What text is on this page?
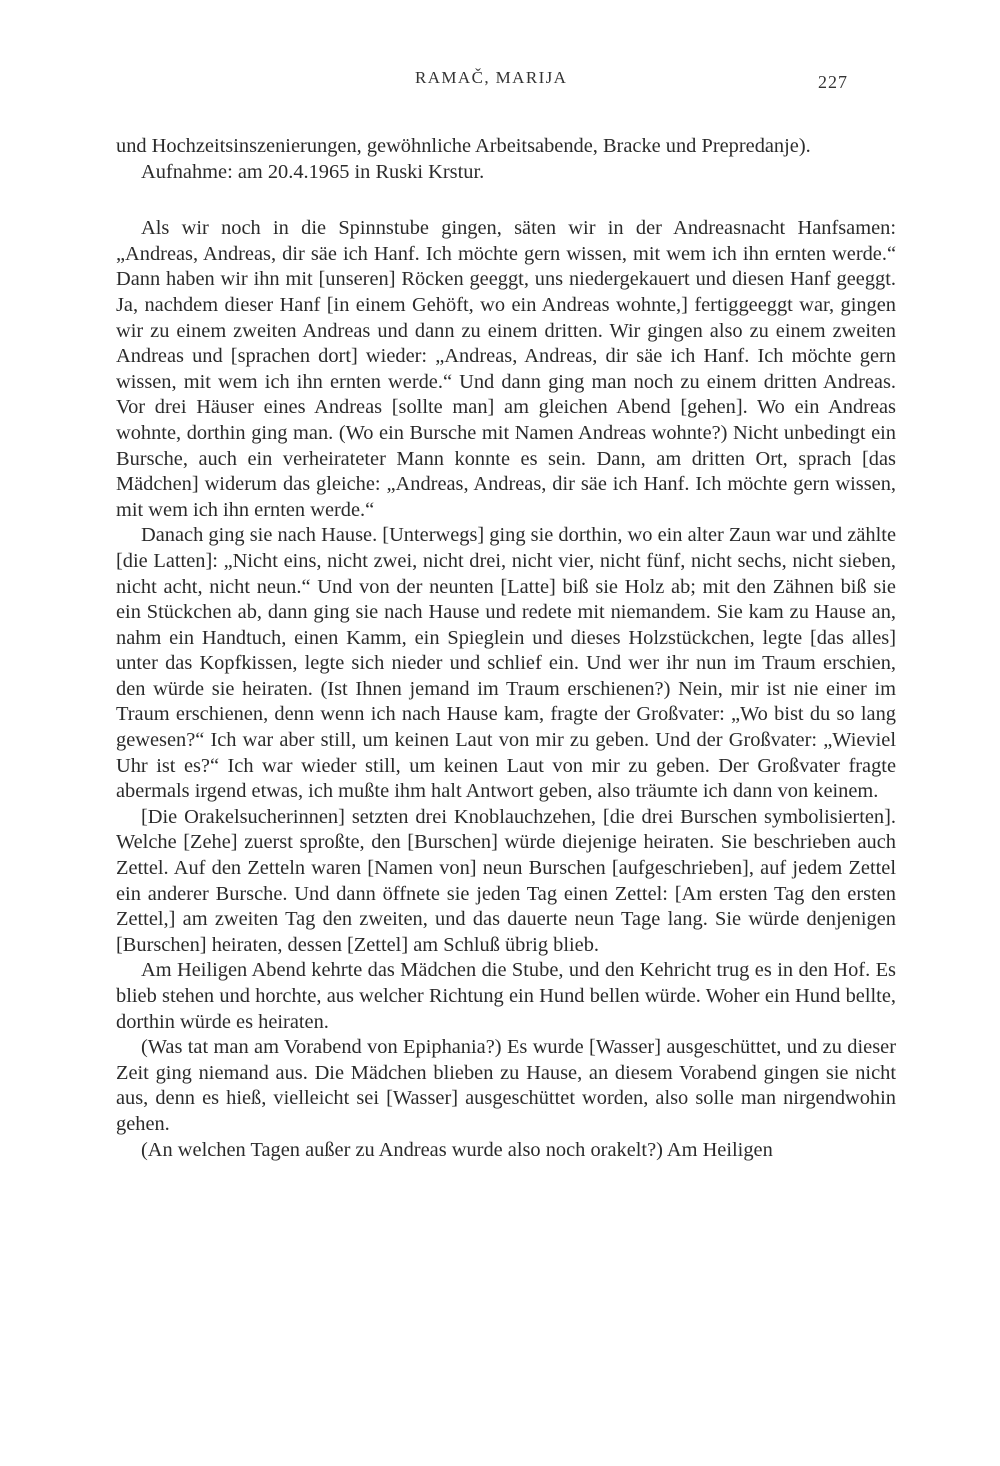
RAMAČ, MARIJA	227

und Hochzeitsinszenierungen, gewöhnliche Arbeitsabende, Bracke und Prepredanje).

Aufnahme: am 20.4.1965 in Ruski Krstur.

Als wir noch in die Spinnstube gingen, säten wir in der Andreasnacht Hanfsamen: „Andreas, Andreas, dir säe ich Hanf. Ich möchte gern wissen, mit wem ich ihn ernten werde.“ Dann haben wir ihn mit [unseren] Röcken geeggt, uns niedergekauert und diesen Hanf geeggt. Ja, nachdem dieser Hanf [in einem Gehöft, wo ein Andreas wohnte,] fertiggeeggt war, gingen wir zu einem zweiten Andreas und dann zu einem dritten. Wir gingen also zu einem zweiten Andreas und [sprachen dort] wieder: „Andreas, Andreas, dir säe ich Hanf. Ich möchte gern wissen, mit wem ich ihn ernten werde.“ Und dann ging man noch zu einem dritten Andreas. Vor drei Häuser eines Andreas [sollte man] am gleichen Abend [gehen]. Wo ein Andreas wohnte, dorthin ging man. (Wo ein Bursche mit Namen Andreas wohnte?) Nicht unbedingt ein Bursche, auch ein verheirateter Mann konnte es sein. Dann, am dritten Ort, sprach [das Mädchen] widerum das gleiche: „Andreas, Andreas, dir säe ich Hanf. Ich möchte gern wissen, mit wem ich ihn ernten werde.“

Danach ging sie nach Hause. [Unterwegs] ging sie dorthin, wo ein alter Zaun war und zählte [die Latten]: „Nicht eins, nicht zwei, nicht drei, nicht vier, nicht fünf, nicht sechs, nicht sieben, nicht acht, nicht neun.“ Und von der neunten [Latte] biß sie Holz ab; mit den Zähnen biß sie ein Stückchen ab, dann ging sie nach Hause und redete mit niemandem. Sie kam zu Hause an, nahm ein Handtuch, einen Kamm, ein Spieglein und dieses Holzstückchen, legte [das alles] unter das Kopfkissen, legte sich nieder und schlief ein. Und wer ihr nun im Traum erschien, den würde sie heiraten. (Ist Ihnen jemand im Traum erschienen?) Nein, mir ist nie einer im Traum erschienen, denn wenn ich nach Hause kam, fragte der Großvater: „Wo bist du so lang gewesen?“ Ich war aber still, um keinen Laut von mir zu geben. Und der Großvater: „Wieviel Uhr ist es?“ Ich war wieder still, um keinen Laut von mir zu geben. Der Großvater fragte abermals irgend etwas, ich mußte ihm halt Antwort geben, also träumte ich dann von keinem.

[Die Orakelsucherinnen] setzten drei Knoblauchzehen, [die drei Burschen symbolisierten]. Welche [Zehe] zuerst sproßte, den [Burschen] würde diejenige heiraten. Sie beschrieben auch Zettel. Auf den Zetteln waren [Namen von] neun Burschen [aufgeschrieben], auf jedem Zettel ein anderer Bursche. Und dann öffnete sie jeden Tag einen Zettel: [Am ersten Tag den ersten Zettel,] am zweiten Tag den zweiten, und das dauerte neun Tage lang. Sie würde denjenigen [Burschen] heiraten, dessen [Zettel] am Schluß übrig blieb.

Am Heiligen Abend kehrte das Mädchen die Stube, und den Kehricht trug es in den Hof. Es blieb stehen und horchte, aus welcher Richtung ein Hund bellen würde. Woher ein Hund bellte, dorthin würde es heiraten.

(Was tat man am Vorabend von Epiphania?) Es wurde [Wasser] ausgeschüttet, und zu dieser Zeit ging niemand aus. Die Mädchen blieben zu Hause, an diesem Vorabend gingen sie nicht aus, denn es hieß, vielleicht sei [Wasser] ausgeschüttet worden, also solle man nirgendwohin gehen.

(An welchen Tagen außer zu Andreas wurde also noch orakelt?) Am Heiligen
